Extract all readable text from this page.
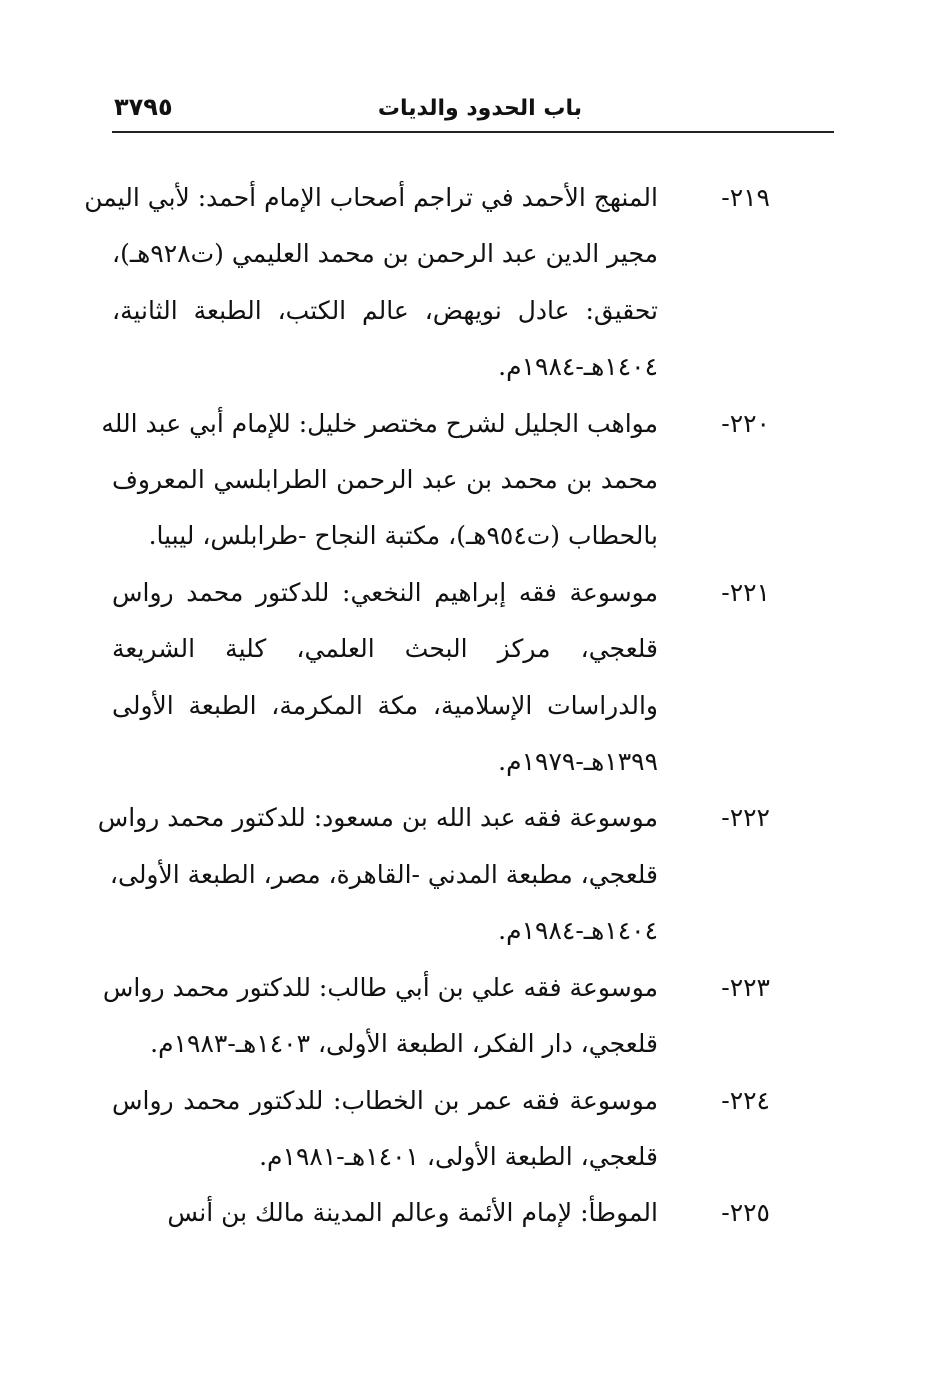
باب الحدود والديات
٣٧٩٥
٢١٩-
المنهج الأحمد في تراجم أصحاب الإمام أحمد: لأبي اليمن
مجير الدين عبد الرحمن بن محمد العليمي (ت٩٢٨هـ)،
تحقيق: عادل نويهض، عالم الكتب، الطبعة الثانية،
١٤٠٤هـ-١٩٨٤م.
٢٢٠-
مواهب الجليل لشرح مختصر خليل: للإمام أبي عبد الله
محمد بن محمد بن عبد الرحمن الطرابلسي المعروف
بالحطاب (ت٩٥٤هـ)، مكتبة النجاح -طرابلس، ليبيا.
٢٢١-
موسوعة فقه إبراهيم النخعي: للدكتور محمد رواس
قلعجي، مركز البحث العلمي، كلية الشريعة
والدراسات الإسلامية، مكة المكرمة، الطبعة الأولى
١٣٩٩هـ-١٩٧٩م.
٢٢٢-
موسوعة فقه عبد الله بن مسعود: للدكتور محمد رواس
قلعجي، مطبعة المدني -القاهرة، مصر، الطبعة الأولى،
١٤٠٤هـ-١٩٨٤م.
٢٢٣-
موسوعة فقه علي بن أبي طالب: للدكتور محمد رواس
قلعجي، دار الفكر، الطبعة الأولى، ١٤٠٣هـ-١٩٨٣م.
٢٢٤-
موسوعة فقه عمر بن الخطاب: للدكتور محمد رواس
قلعجي، الطبعة الأولى، ١٤٠١هـ-١٩٨١م.
٢٢٥-
الموطأ: لإمام الأئمة وعالم المدينة مالك بن أنس
